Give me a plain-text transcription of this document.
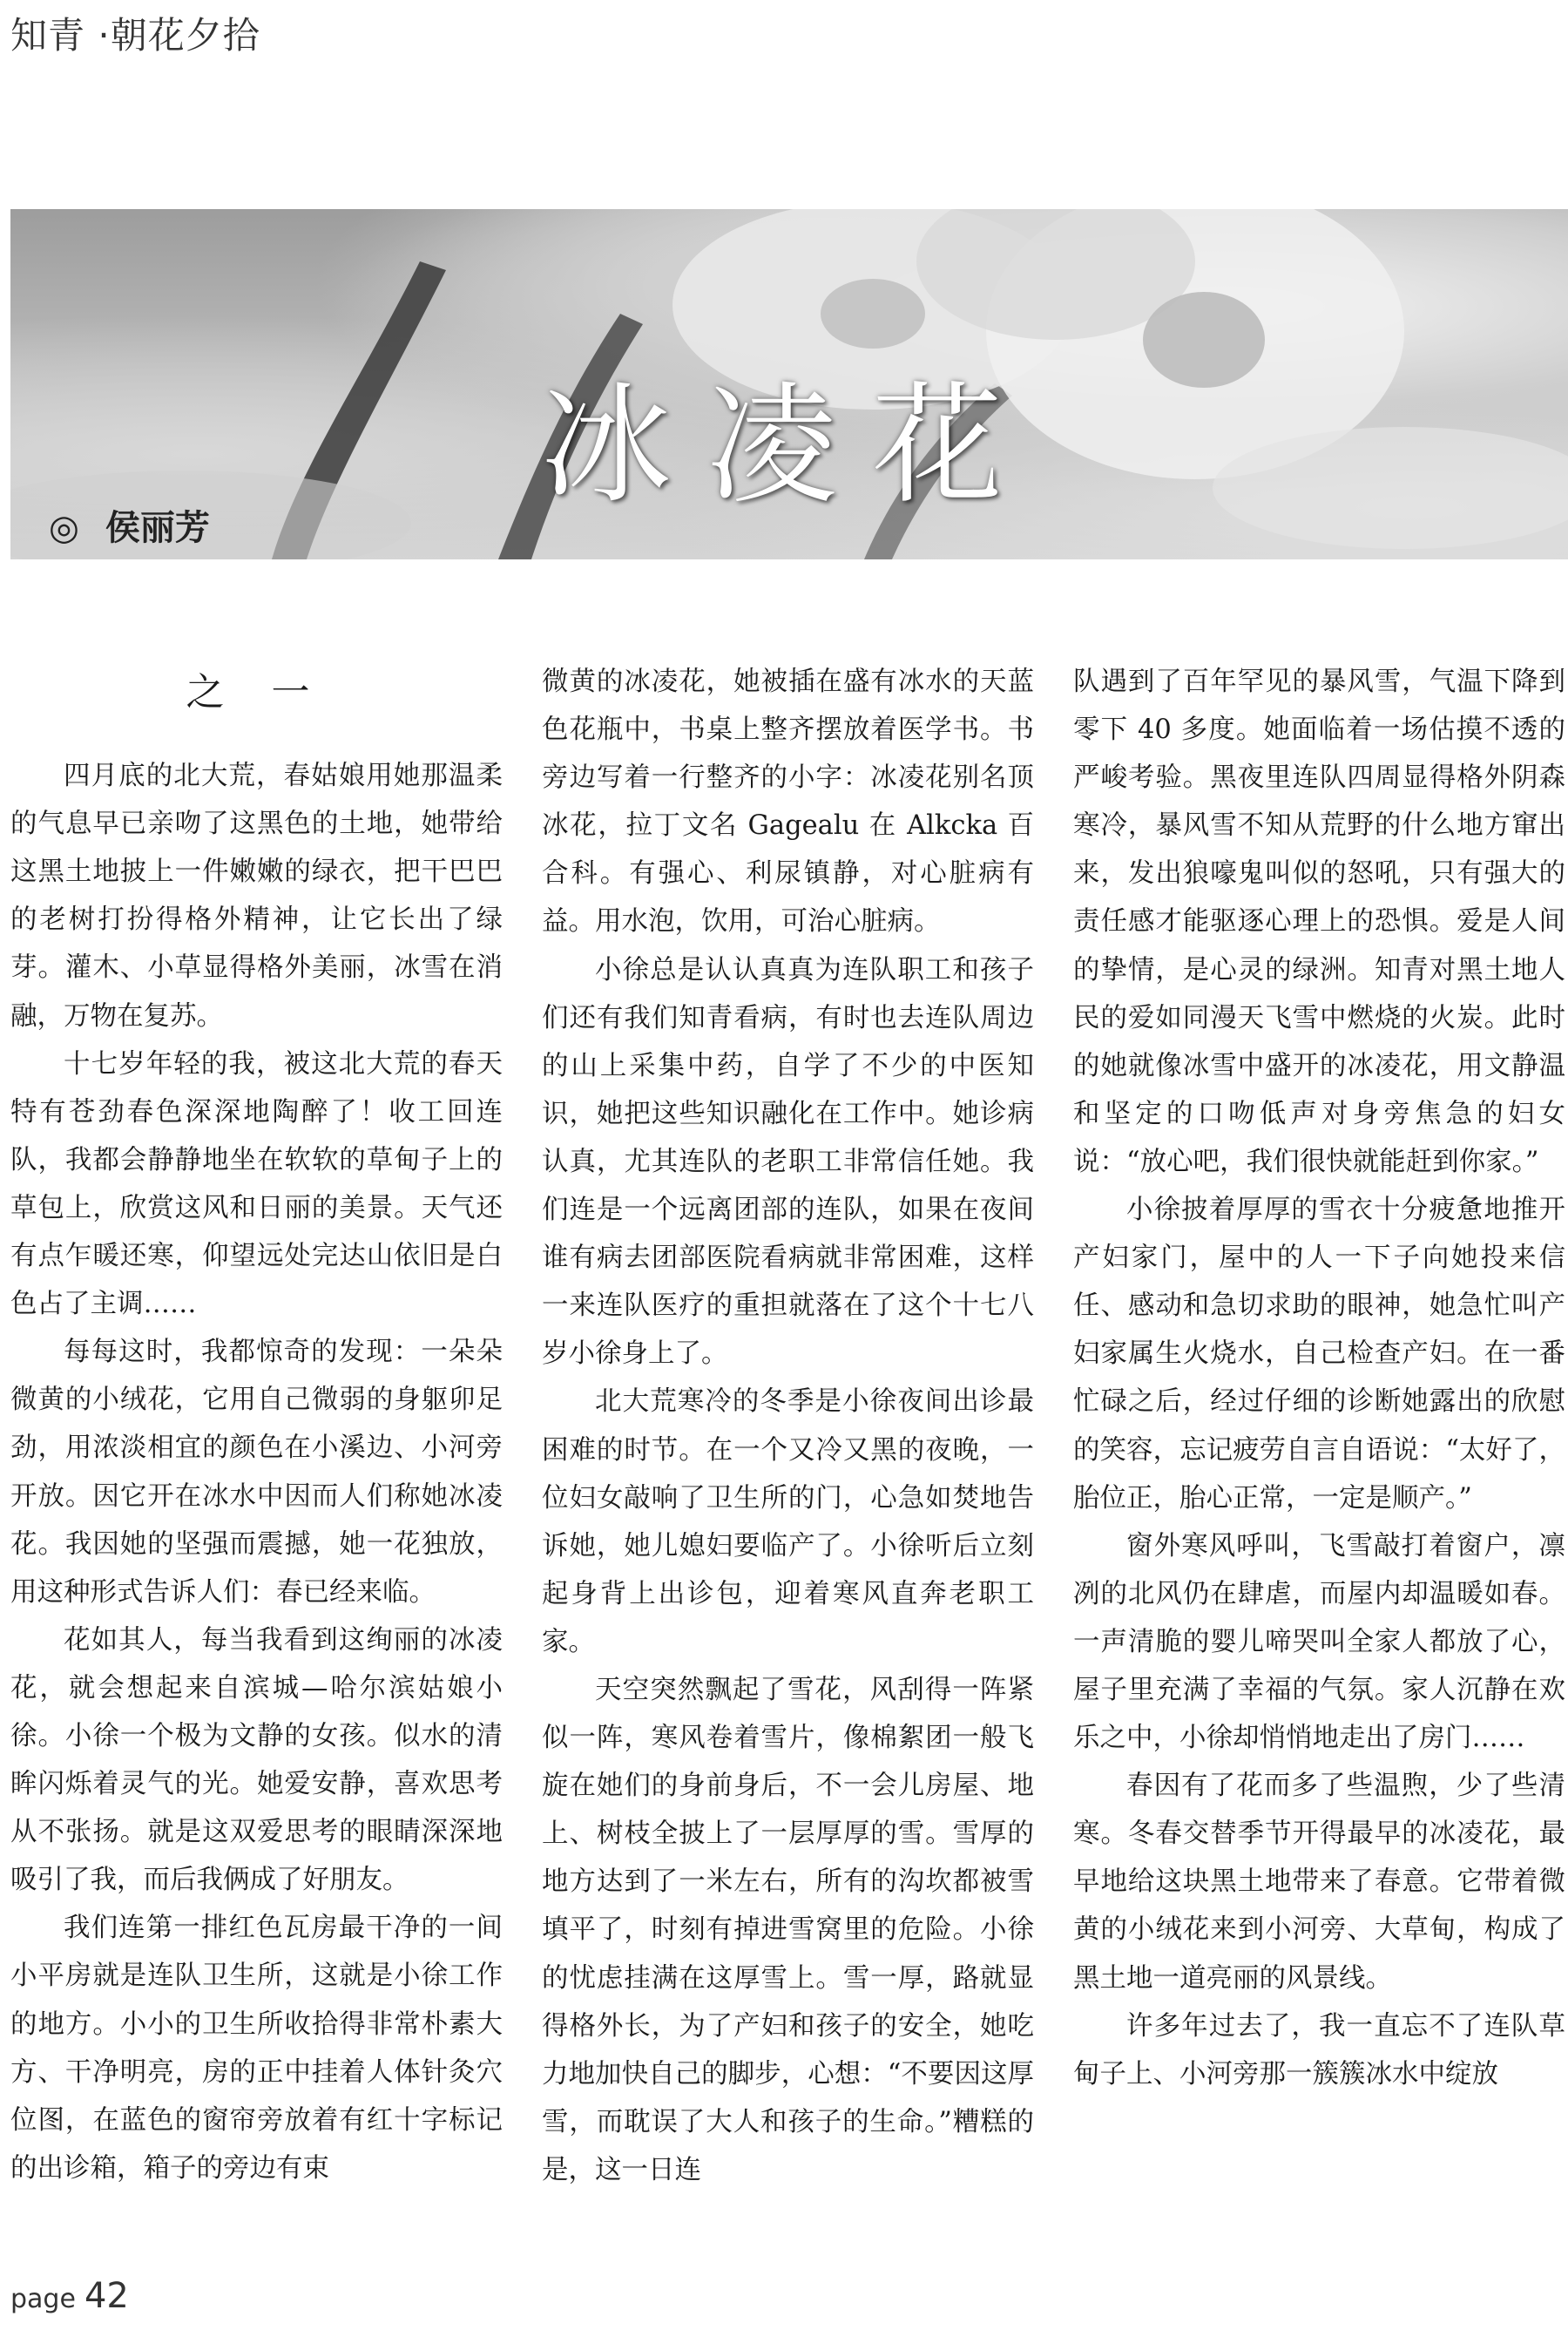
知青 ·朝花夕拾
冰凌花
◎ 侯丽芳
之 一

四月底的北大荒，春姑娘用她那温柔的气息早已亲吻了这黑色的土地，她带给这黑土地披上一件嫩嫩的绿衣，把干巴巴的老树打扮得格外精神，让它长出了绿芽。灌木、小草显得格外美丽，冰雪在消融，万物在复苏。

十七岁年轻的我，被这北大荒的春天特有苍劲春色深深地陶醉了！收工回连队，我都会静静地坐在软软的草甸子上的草包上，欣赏这风和日丽的美景。天气还有点乍暖还寒，仰望远处完达山依旧是白色占了主调……

每每这时，我都惊奇的发现：一朵朵微黄的小绒花，它用自己微弱的身躯卯足劲，用浓淡相宜的颜色在小溪边、小河旁开放。因它开在冰水中因而人们称她冰凌花。我因她的坚强而震撼，她一花独放，用这种形式告诉人们：春已经来临。

花如其人，每当我看到这绚丽的冰凌花，就会想起来自滨城—哈尔滨姑娘小徐。小徐一个极为文静的女孩。似水的清眸闪烁着灵气的光。她爱安静，喜欢思考从不张扬。就是这双爱思考的眼睛深深地吸引了我，而后我俩成了好朋友。

我们连第一排红色瓦房最干净的一间小平房就是连队卫生所，这就是小徐工作的地方。小小的卫生所收拾得非常朴素大方、干净明亮，房的正中挂着人体针灸穴位图，在蓝色的窗帘旁放着有红十字标记的出诊箱，箱子的旁边有束

微黄的冰凌花，她被插在盛有冰水的天蓝色花瓶中，书桌上整齐摆放着医学书。书旁边写着一行整齐的小字：冰凌花别名顶冰花，拉丁文名 Gagealu 在 Alkcka 百合科。有强心、利尿镇静，对心脏病有益。用水泡，饮用，可治心脏病。

小徐总是认认真真为连队职工和孩子们还有我们知青看病，有时也去连队周边的山上采集中药，自学了不少的中医知识，她把这些知识融化在工作中。她诊病认真，尤其连队的老职工非常信任她。我们连是一个远离团部的连队，如果在夜间谁有病去团部医院看病就非常困难，这样一来连队医疗的重担就落在了这个十七八岁小徐身上了。

北大荒寒冷的冬季是小徐夜间出诊最困难的时节。在一个又冷又黑的夜晚，一位妇女敲响了卫生所的门，心急如焚地告诉她，她儿媳妇要临产了。小徐听后立刻起身背上出诊包，迎着寒风直奔老职工家。

天空突然飘起了雪花，风刮得一阵紧似一阵，寒风卷着雪片，像棉絮团一般飞旋在她们的身前身后，不一会儿房屋、地上、树枝全披上了一层厚厚的雪。雪厚的地方达到了一米左右，所有的沟坎都被雪填平了，时刻有掉进雪窝里的危险。小徐的忧虑挂满在这厚雪上。雪一厚，路就显得格外长，为了产妇和孩子的安全，她吃力地加快自己的脚步，心想：“不要因这厚雪，而耽误了大人和孩子的生命。”糟糕的是，这一日连

队遇到了百年罕见的暴风雪，气温下降到零下 40 多度。她面临着一场估摸不透的严峻考验。黑夜里连队四周显得格外阴森寒冷，暴风雪不知从荒野的什么地方窜出来，发出狼嚎鬼叫似的怒吼，只有强大的责任感才能驱逐心理上的恐惧。爱是人间的挚情，是心灵的绿洲。知青对黑土地人民的爱如同漫天飞雪中燃烧的火炭。此时的她就像冰雪中盛开的冰凌花，用文静温和坚定的口吻低声对身旁焦急的妇女说：“放心吧，我们很快就能赶到你家。”

小徐披着厚厚的雪衣十分疲惫地推开产妇家门，屋中的人一下子向她投来信任、感动和急切求助的眼神，她急忙叫产妇家属生火烧水，自己检查产妇。在一番忙碌之后，经过仔细的诊断她露出的欣慰的笑容，忘记疲劳自言自语说：“太好了，胎位正，胎心正常，一定是顺产。”

窗外寒风呼叫，飞雪敲打着窗户，凛冽的北风仍在肆虐，而屋内却温暖如春。一声清脆的婴儿啼哭叫全家人都放了心，屋子里充满了幸福的气氛。家人沉静在欢乐之中，小徐却悄悄地走出了房门……

春因有了花而多了些温煦，少了些清寒。冬春交替季节开得最早的冰凌花，最早地给这块黑土地带来了春意。它带着微黄的小绒花来到小河旁、大草甸，构成了黑土地一道亮丽的风景线。

许多年过去了，我一直忘不了连队草甸子上、小河旁那一簇簇冰水中绽放

page 42
